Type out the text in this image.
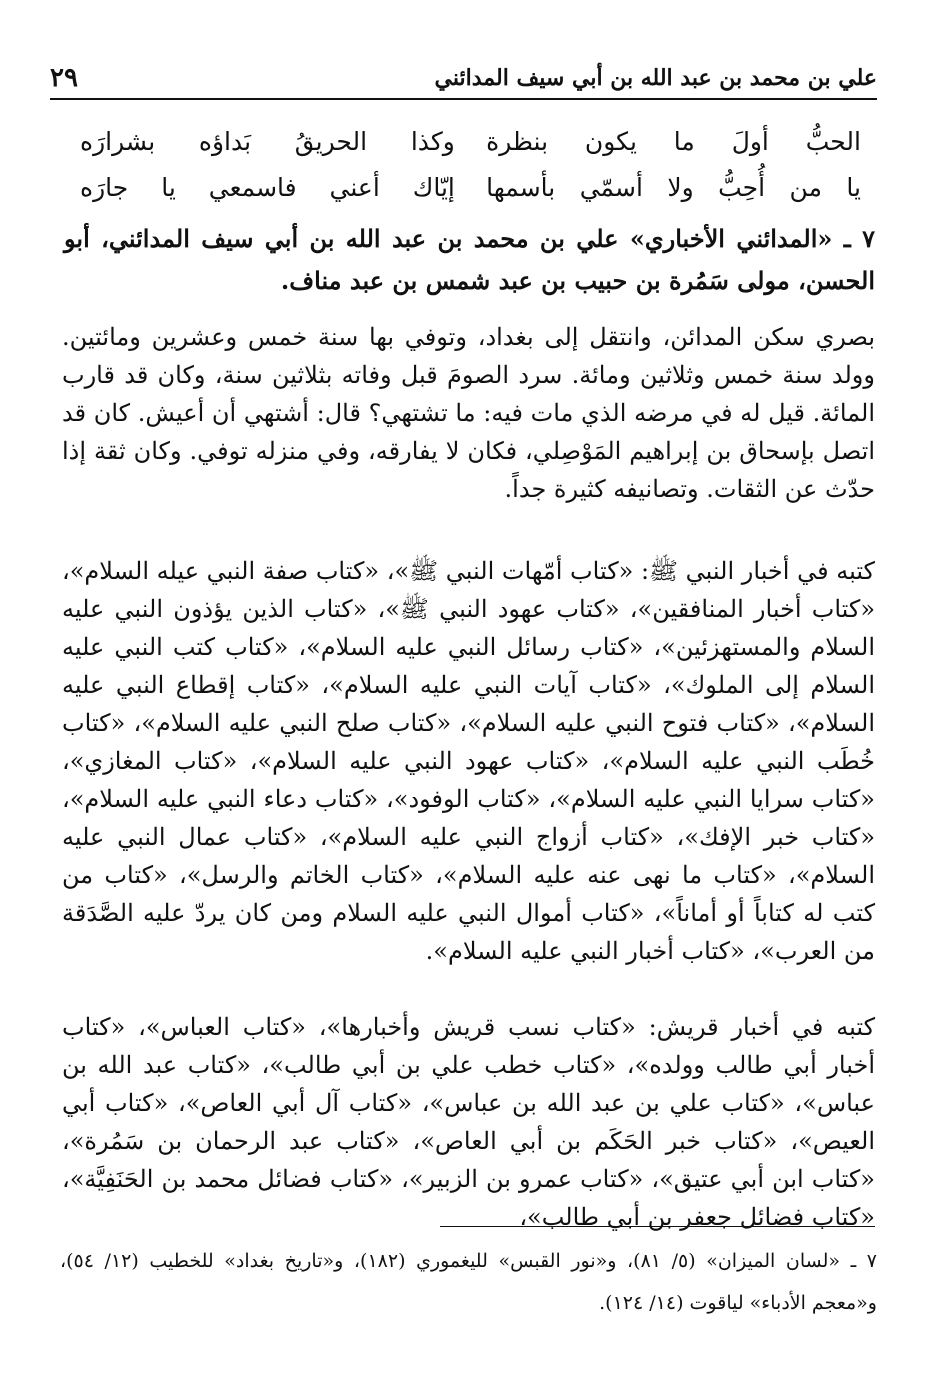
علي بن محمد بن عبد الله بن أبي سيف المدائني
٢٩
الحبُّ أولَ ما يكون بنظرة
وكذا الحريقُ بَداؤه بشرارَه
يا من أُحِبُّ ولا أسمّي بأسمها
إيّاك أعني فاسمعي يا جارَه

٧ ـ «المدائني الأخباري» علي بن محمد بن عبد الله بن أبي سيف المدائني، أبو الحسن، مولى سَمُرة بن حبيب بن عبد شمس بن عبد مناف.

بصري سكن المدائن، وانتقل إلى بغداد، وتوفي بها سنة خمس وعشرين ومائتين. وولد سنة خمس وثلاثين ومائة. سرد الصومَ قبل وفاته بثلاثين سنة، وكان قد قارب المائة. قيل له في مرضه الذي مات فيه: ما تشتهي؟ قال: أشتهي أن أعيش. كان قد اتصل بإسحاق بن إبراهيم المَوْصِلي، فكان لا يفارقه، وفي منزله توفي. وكان ثقة إذا حدّث عن الثقات. وتصانيفه كثيرة جداً.

كتبه في أخبار النبي ﷺ: «كتاب أمّهات النبي ﷺ»، «كتاب صفة النبي عيله السلام»، «كتاب أخبار المنافقين»، «كتاب عهود النبي ﷺ»، «كتاب الذين يؤذون النبي عليه السلام والمستهزئين»، «كتاب رسائل النبي عليه السلام»، «كتاب كتب النبي عليه السلام إلى الملوك»، «كتاب آيات النبي عليه السلام»، «كتاب إقطاع النبي عليه السلام»، «كتاب فتوح النبي عليه السلام»، «كتاب صلح النبي عليه السلام»، «كتاب خُطَب النبي عليه السلام»، «كتاب عهود النبي عليه السلام»، «كتاب المغازي»، «كتاب سرايا النبي عليه السلام»، «كتاب الوفود»، «كتاب دعاء النبي عليه السلام»، «كتاب خبر الإفك»، «كتاب أزواج النبي عليه السلام»، «كتاب عمال النبي عليه السلام»، «كتاب ما نهى عنه عليه السلام»، «كتاب الخاتم والرسل»، «كتاب من كتب له كتاباً أو أماناً»، «كتاب أموال النبي عليه السلام ومن كان يردّ عليه الصَّدَقة من العرب»، «كتاب أخبار النبي عليه السلام».

كتبه في أخبار قريش: «كتاب نسب قريش وأخبارها»، «كتاب العباس»، «كتاب أخبار أبي طالب وولده»، «كتاب خطب علي بن أبي طالب»، «كتاب عبد الله بن عباس»، «كتاب علي بن عبد الله بن عباس»، «كتاب آل أبي العاص»، «كتاب أبي العيص»، «كتاب خبر الحَكَم بن أبي العاص»، «كتاب عبد الرحمان بن سَمُرة»، «كتاب ابن أبي عتيق»، «كتاب عمرو بن الزبير»، «كتاب فضائل محمد بن الحَنَفِيَّة»، «كتاب فضائل جعفر بن أبي طالب»،

٧ ـ «لسان الميزان» (٥/ ٨١)، و«نور القبس» لليغموري (١٨٢)، و«تاريخ بغداد» للخطيب (١٢/ ٥٤)، و«معجم الأدباء» لياقوت (١٤/ ١٢٤).
